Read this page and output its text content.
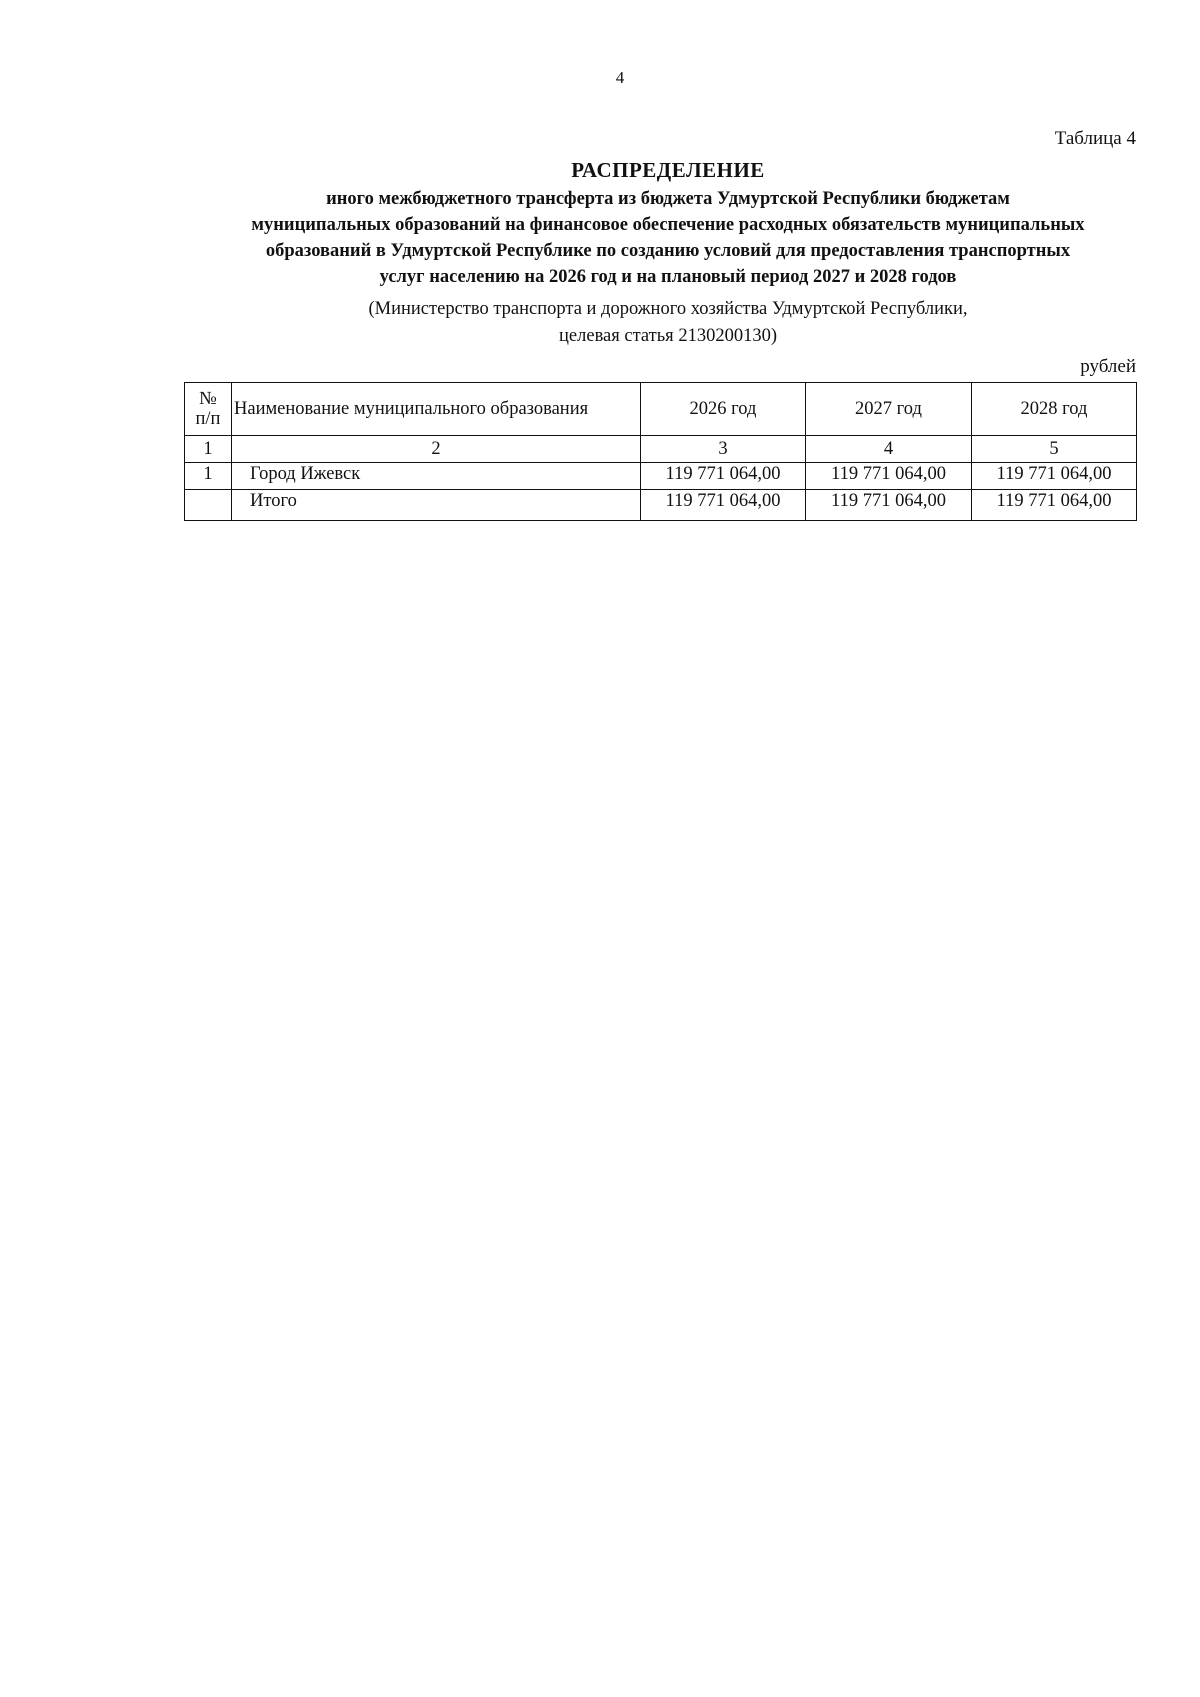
4
Таблица 4
РАСПРЕДЕЛЕНИЕ
иного межбюджетного трансферта из бюджета Удмуртской Республики бюджетам
муниципальных образований на финансовое обеспечение расходных обязательств муниципальных
образований в Удмуртской Республике по созданию условий для предоставления транспортных
услуг населению на 2026 год и на плановый период 2027 и 2028 годов
(Министерство транспорта и дорожного хозяйства Удмуртской Республики,
целевая статья 2130200130)
рублей
№
п/п	Наименование муниципального образования	2026 год	2027 год	2028 год
1	2	3	4	5
1	Город Ижевск	119 771 064,00	119 771 064,00	119 771 064,00
	Итого	119 771 064,00	119 771 064,00	119 771 064,00
